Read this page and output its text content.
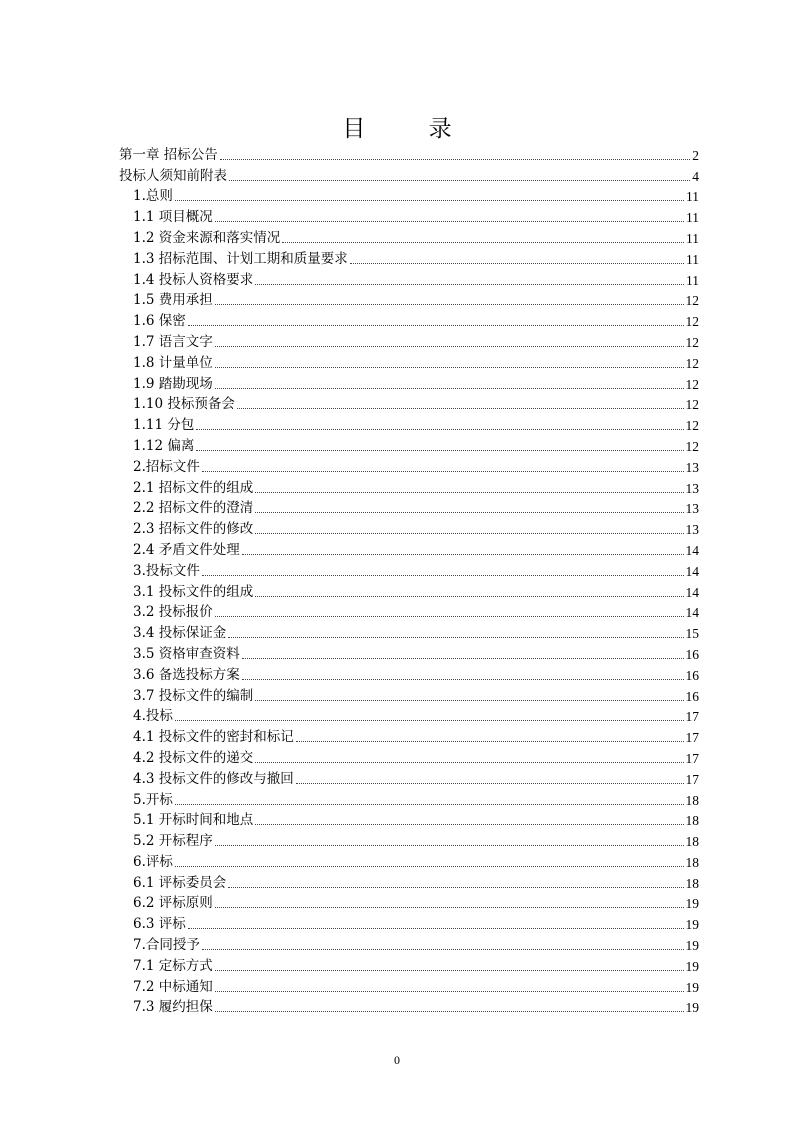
目 录
第一章 招标公告	2
投标人须知前附表	4
1.总则	11
1.1 项目概况	11
1.2 资金来源和落实情况	11
1.3 招标范围、计划工期和质量要求	11
1.4 投标人资格要求	11
1.5 费用承担	12
1.6 保密	12
1.7 语言文字	12
1.8 计量单位	12
1.9 踏勘现场	12
1.10 投标预备会	12
1.11 分包	12
1.12 偏离	12
2.招标文件	13
2.1 招标文件的组成	13
2.2 招标文件的澄清	13
2.3 招标文件的修改	13
2.4 矛盾文件处理	14
3.投标文件	14
3.1 投标文件的组成	14
3.2 投标报价	14
3.4 投标保证金	15
3.5 资格审查资料	16
3.6 备选投标方案	16
3.7 投标文件的编制	16
4.投标	17
4.1 投标文件的密封和标记	17
4.2 投标文件的递交	17
4.3 投标文件的修改与撤回	17
5.开标	18
5.1 开标时间和地点	18
5.2 开标程序	18
6.评标	18
6.1 评标委员会	18
6.2 评标原则	19
6.3 评标	19
7.合同授予	19
7.1 定标方式	19
7.2 中标通知	19
7.3 履约担保	19
0
